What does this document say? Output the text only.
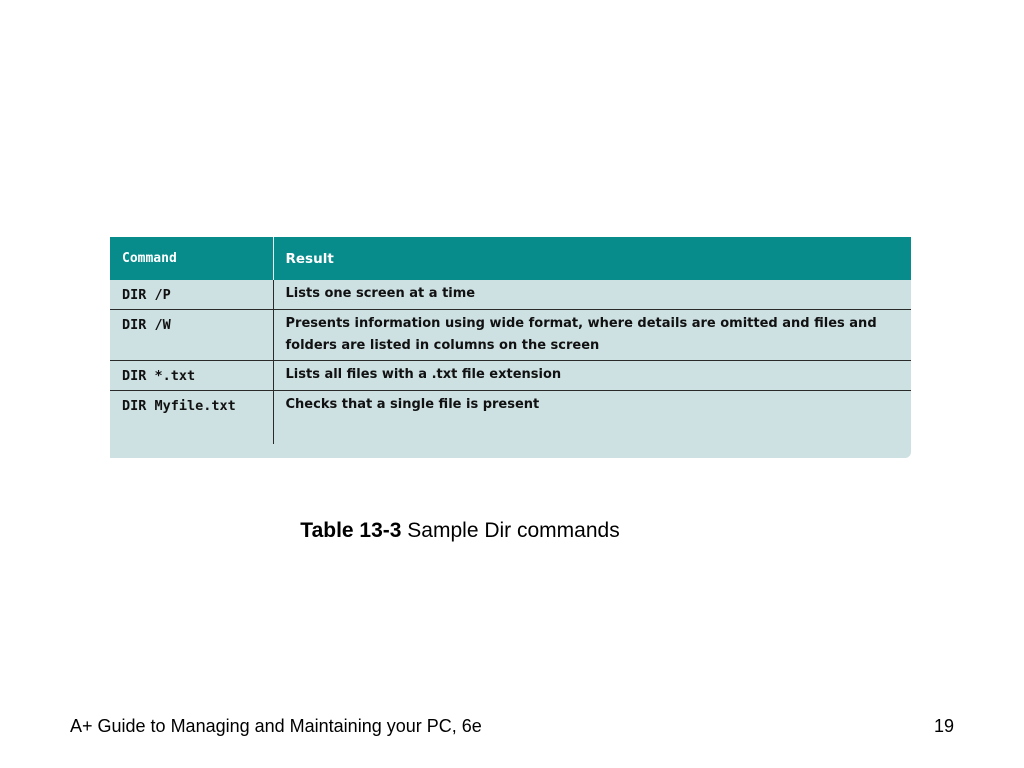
Command	Result
DIR /P	Lists one screen at a time
DIR /W	Presents information using wide format, where details are omitted and files and folders are listed in columns on the screen
DIR *.txt	Lists all files with a .txt file extension
DIR Myfile.txt	Checks that a single file is present
Table 13-3 Sample Dir commands
A+ Guide to Managing and Maintaining your PC, 6e	19
